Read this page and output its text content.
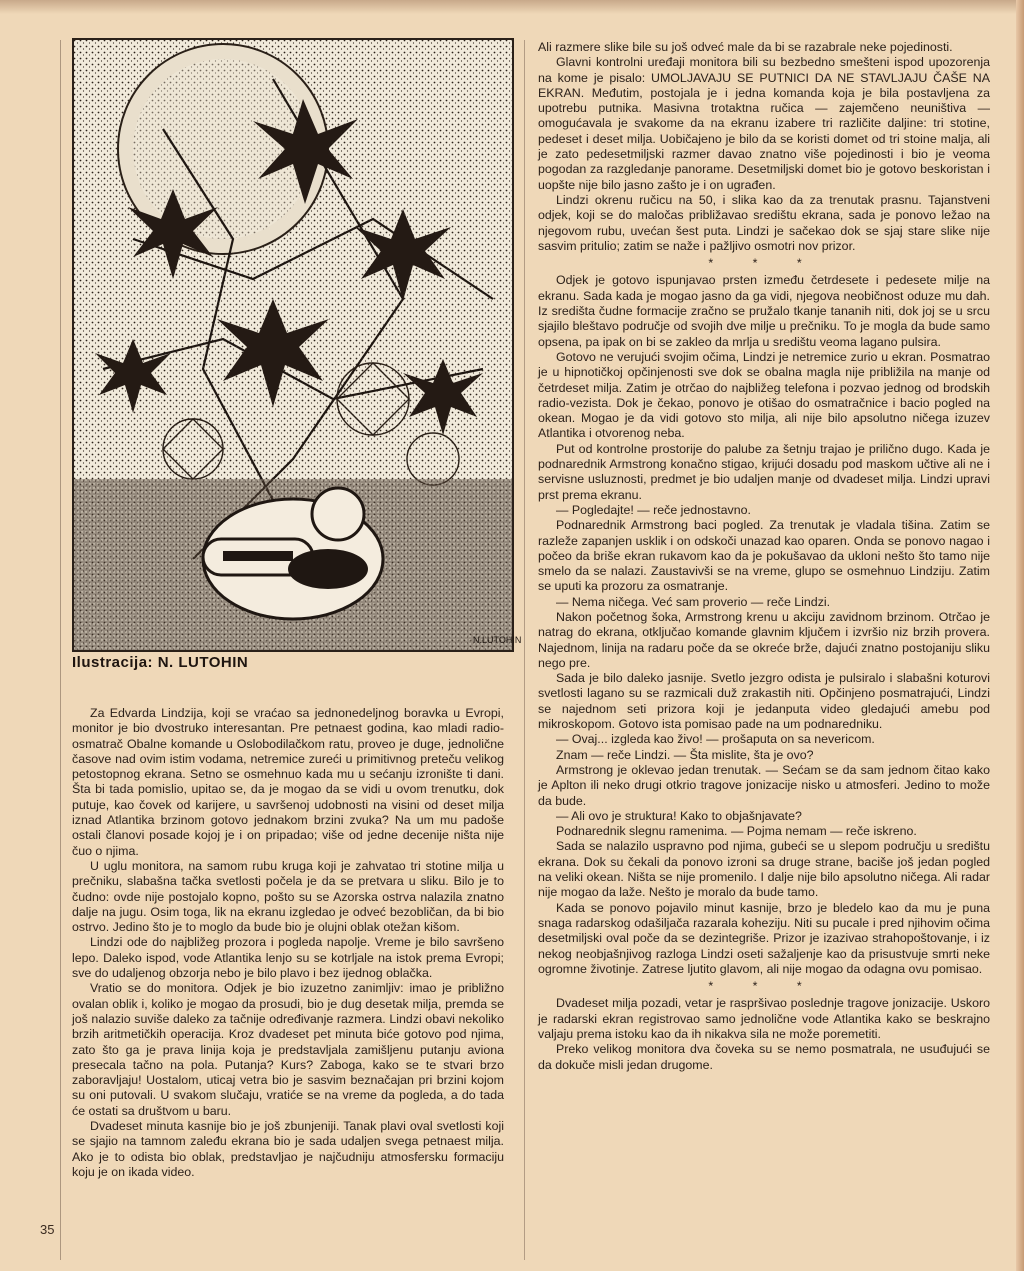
N.LUTOHIN
Ilustracija: N. LUTOHIN

Za Edvarda Lindzija, koji se vraćao sa jednonedeljnog boravka u Evropi, monitor je bio dvostruko interesantan. Pre petnaest godina, kao mladi radio-osmatrač Obalne komande u Oslobodilačkom ratu, proveo je duge, jednolične časove nad ovim istim vodama, netremice zureći u primitivnog preteču velikog petostopnog ekrana. Setno se osmehnuo kada mu u sećanju izronište ti dani. Šta bi tada pomislio, upitao se, da je mogao da se vidi u ovom trenutku, dok putuje, kao čovek od karijere, u savršenoj udobnosti na visini od deset milja iznad Atlantika brzinom gotovo jednakom brzini zvuka? Na um mu padoše ostali članovi posade kojoj je i on pripadao; više od jedne decenije ništa nije čuo o njima.

U uglu monitora, na samom rubu kruga koji je zahvatao tri stotine milja u prečniku, slabašna tačka svetlosti počela je da se pretvara u sliku. Bilo je to čudno: ovde nije postojalo kopno, pošto su se Azorska ostrva nalazila znatno dalje na jugu. Osim toga, lik na ekranu izgledao je odveć bezobličan, da bi bio ostrvo. Jedino što je to moglo da bude bio je olujni oblak otežan kišom.

Lindzi ode do najbližeg prozora i pogleda napolje. Vreme je bilo savršeno lepo. Daleko ispod, vode Atlantika lenjo su se kotrljale na istok prema Evropi; sve do udaljenog obzorja nebo je bilo plavo i bez ijednog oblačka.

Vratio se do monitora. Odjek je bio izuzetno zanimljiv: imao je približno ovalan oblik i, koliko je mogao da prosudi, bio je dug desetak milja, premda se još nalazio suviše daleko za tačnije određivanje razmera. Lindzi obavi nekoliko brzih aritmetičkih operacija. Kroz dvadeset pet minuta biće gotovo pod njima, zato što ga je prava linija koja je predstavljala zamišljenu putanju aviona presecala tačno na pola. Putanja? Kurs? Zaboga, kako se te stvari brzo zaboravljaju! Uostalom, uticaj vetra bio je sasvim beznačajan pri brzini kojom su oni putovali. U svakom slučaju, vratiće se na vreme da pogleda, a do tada će ostati sa društvom u baru.

Dvadeset minuta kasnije bio je još zbunjeniji. Tanak plavi oval svetlosti koji se sjajio na tamnom zaleđu ekrana bio je sada udaljen svega petnaest milja. Ako je to odista bio oblak, predstavljao je najčudniju atmosfersku formaciju koju je on ikada video.

Ali razmere slike bile su još odveć male da bi se razabrale neke pojedinosti.

Glavni kontrolni uređaji monitora bili su bezbedno smešteni ispod upozorenja na kome je pisalo: UMOLJAVAJU SE PUTNICI DA NE STAVLJAJU ČAŠE NA EKRAN. Međutim, postojala je i jedna komanda koja je bila postavljena za upotrebu putnika. Masivna trotaktna ručica — zajemčeno neuništiva — omogućavala je svakome da na ekranu izabere tri različite daljine: tri stotine, pedeset i deset milja. Uobičajeno je bilo da se koristi domet od tri stoine malja, ali je zato pedesetmiljski razmer davao znatno više pojedinosti i bio je veoma pogodan za razgledanje panorame. Desetmiljski domet bio je gotovo beskoristan i uopšte nije bilo jasno zašto je i on ugrađen.

Lindzi okrenu ručicu na 50, i slika kao da za trenutak prasnu. Tajanstveni odjek, koji se do maločas približavao središtu ekrana, sada je ponovo ležao na njegovom rubu, uvećan šest puta. Lindzi je sačekao dok se sjaj stare slike nije sasvim pritulio; zatim se naže i pažljivo osmotri nov prizor.

* * *

Odjek je gotovo ispunjavao prsten između četrdesete i pedesete milje na ekranu. Sada kada je mogao jasno da ga vidi, njegova neobičnost oduze mu dah. Iz središta čudne formacije zračno se pružalo tkanje tananih niti, dok joj se u srcu sjajilo bleštavo područje od svojih dve milje u prečniku. To je mogla da bude samo opsena, pa ipak on bi se zakleo da mrlja u središtu veoma lagano pulsira.

Gotovo ne verujući svojim očima, Lindzi je netremice zurio u ekran. Posmatrao je u hipnotičkoj opčinjenosti sve dok se obalna magla nije približila na manje od četrdeset milja. Zatim je otrčao do najbližeg telefona i pozvao jednog od brodskih radio-vezista. Dok je čekao, ponovo je otišao do osmatračnice i bacio pogled na okean. Mogao je da vidi gotovo sto milja, ali nije bilo apsolutno ničega izuzev Atlantika i otvorenog neba.

Put od kontrolne prostorije do palube za šetnju trajao je prilično dugo. Kada je podnarednik Armstrong konačno stigao, krijući dosadu pod maskom učtive ali ne i servisne usluznosti, predmet je bio udaljen manje od dvadeset milja. Lindzi upravi prst prema ekranu.

— Pogledajte! — reče jednostavno.

Podnarednik Armstrong baci pogled. Za trenutak je vladala tišina. Zatim se razleže zapanjen usklik i on odskoči unazad kao oparen. Onda se ponovo nagao i počeo da briše ekran rukavom kao da je pokušavao da ukloni nešto što tamo nije smelo da se nalazi. Zaustavivši se na vreme, glupo se osmehnuo Lindziju. Zatim se uputi ka prozoru za osmatranje.

— Nema ničega. Već sam proverio — reče Lindzi.

Nakon početnog šoka, Armstrong krenu u akciju zavidnom brzinom. Otrčao je natrag do ekrana, otključao komande glavnim ključem i izvršio niz brzih provera. Najednom, linija na radaru poče da se okreće brže, dajući znatno postojaniju sliku nego pre.

Sada je bilo daleko jasnije. Svetlo jezgro odista je pulsiralo i slabašni koturovi svetlosti lagano su se razmicali duž zrakastih niti. Opčinjeno posmatrajući, Lindzi se najednom seti prizora koji je jedanputa video gledajući amebu pod mikroskopom. Gotovo ista pomisao pade na um podnaredniku.

— Ovaj... izgleda kao živo! — prošaputa on sa nevericom.

Znam — reče Lindzi. — Šta mislite, šta je ovo?

Armstrong je oklevao jedan trenutak. — Sećam se da sam jednom čitao kako je Aplton ili neko drugi otkrio tragove jonizacije nisko u atmosferi. Jedino to može da bude.

— Ali ovo je struktura! Kako to objašnjavate?

Podnarednik slegnu ramenima. — Pojma nemam — reče iskreno.

Sada se nalazilo uspravno pod njima, gubeći se u slepom području u središtu ekrana. Dok su čekali da ponovo izroni sa druge strane, baciše još jedan pogled na veliki okean. Ništa se nije promenilo. I dalje nije bilo apsolutno ničega. Ali radar nije mogao da laže. Nešto je moralo da bude tamo.

Kada se ponovo pojavilo minut kasnije, brzo je bledelo kao da mu je puna snaga radarskog odašiljača razarala koheziju. Niti su pucale i pred njihovim očima desetmiljski oval poče da se dezintegriše. Prizor je izazivao strahopoštovanje, i iz nekog neobjašnjivog razloga Lindzi oseti sažaljenje kao da prisustvuje smrti neke ogromne životinje. Zatrese ljutito glavom, ali nije mogao da odagna ovu pomisao.

* * *

Dvadeset milja pozadi, vetar je raspršivao poslednje tragove jonizacije. Uskoro je radarski ekran registrovao samo jednolične vode Atlantika kako se beskrajno valjaju prema istoku kao da ih nikakva sila ne može poremetiti.

Preko velikog monitora dva čoveka su se nemo posmatrala, ne usuđujući se da dokuče misli jedan drugome.

35
